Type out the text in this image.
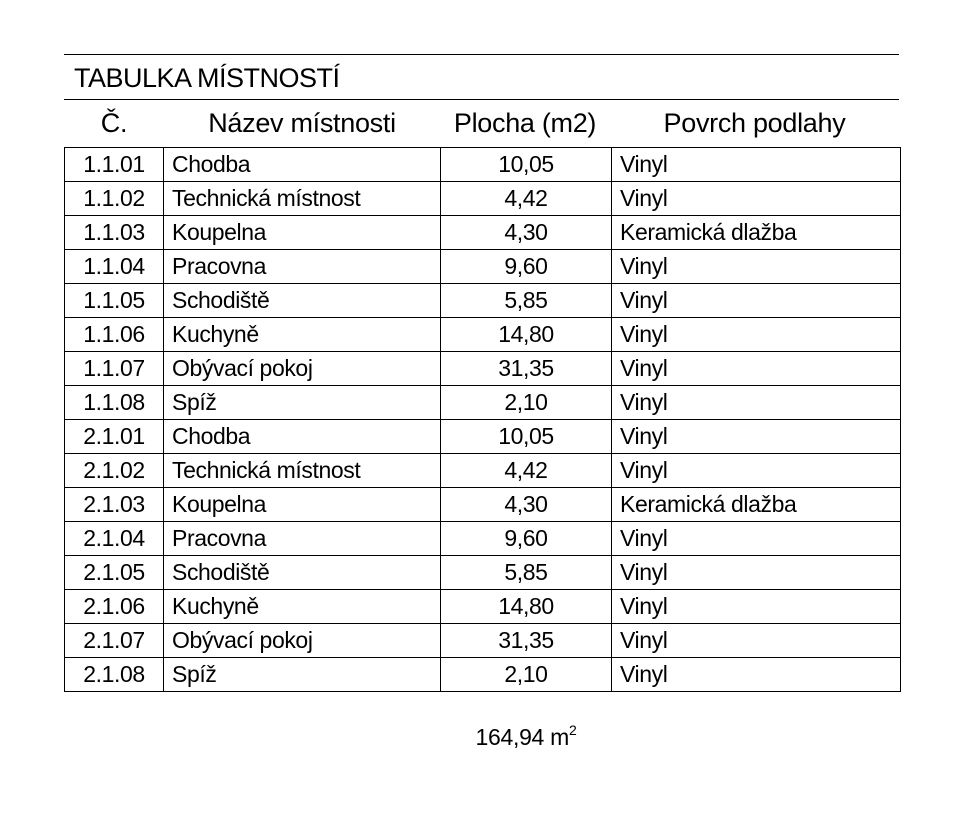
TABULKA MÍSTNOSTÍ
Č.	Název místnosti	Plocha (m2)	Povrch podlahy
1.1.01	Chodba	10,05	Vinyl
1.1.02	Technická místnost	4,42	Vinyl
1.1.03	Koupelna	4,30	Keramická dlažba
1.1.04	Pracovna	9,60	Vinyl
1.1.05	Schodiště	5,85	Vinyl
1.1.06	Kuchyně	14,80	Vinyl
1.1.07	Obývací pokoj	31,35	Vinyl
1.1.08	Spíž	2,10	Vinyl
2.1.01	Chodba	10,05	Vinyl
2.1.02	Technická místnost	4,42	Vinyl
2.1.03	Koupelna	4,30	Keramická dlažba
2.1.04	Pracovna	9,60	Vinyl
2.1.05	Schodiště	5,85	Vinyl
2.1.06	Kuchyně	14,80	Vinyl
2.1.07	Obývací pokoj	31,35	Vinyl
2.1.08	Spíž	2,10	Vinyl
164,94 $m^2$
